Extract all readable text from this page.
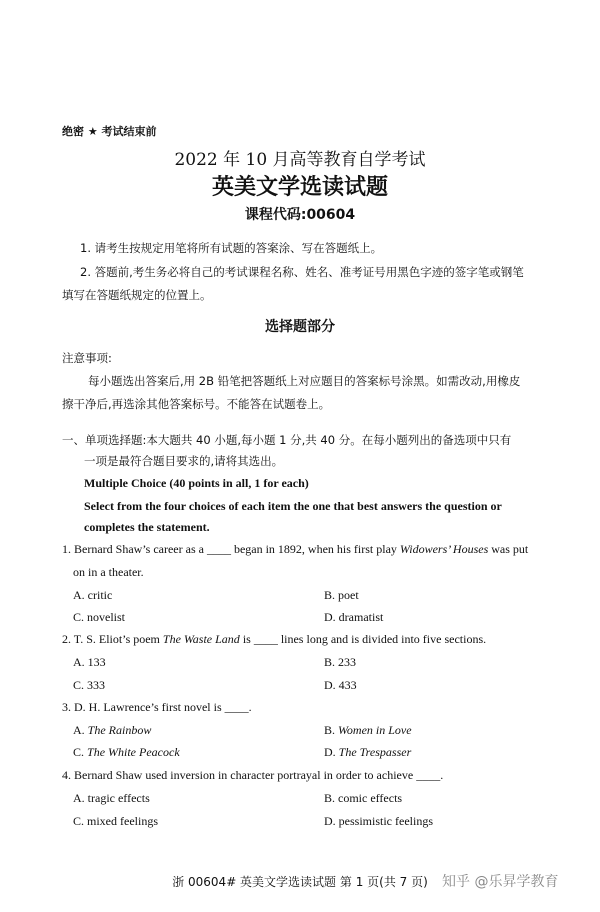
绝密 ★ 考试结束前
2022 年 10 月高等教育自学考试
英美文学选读试题
课程代码:00604
1. 请考生按规定用笔将所有试题的答案涂、写在答题纸上。
2. 答题前,考生务必将自己的考试课程名称、姓名、准考证号用黑色字迹的签字笔或钢笔
填写在答题纸规定的位置上。
选择题部分
注意事项:
每小题选出答案后,用 2B 铅笔把答题纸上对应题目的答案标号涂黑。如需改动,用橡皮
擦干净后,再选涂其他答案标号。不能答在试题卷上。
一、单项选择题:本大题共 40 小题,每小题 1 分,共 40 分。在每小题列出的备选项中只有
一项是最符合题目要求的,请将其选出。
Multiple Choice (40 points in all, 1 for each)
Select from the four choices of each item the one that best answers the question or
completes the statement.
1. Bernard Shaw’s career as a ____ began in 1892, when his first play Widowers’ Houses was put
on in a theater.
A. critic	B. poet
C. novelist	D. dramatist
2. T. S. Eliot’s poem The Waste Land is ____ lines long and is divided into five sections.
A. 133	B. 233
C. 333	D. 433
3. D. H. Lawrence’s first novel is ____.
A. The Rainbow	B. Women in Love
C. The White Peacock	D. The Trespasser
4. Bernard Shaw used inversion in character portrayal in order to achieve ____.
A. tragic effects	B. comic effects
C. mixed feelings	D. pessimistic feelings
浙 00604# 英美文学选读试题 第 1 页(共 7 页)	知乎 @乐昇学教育
